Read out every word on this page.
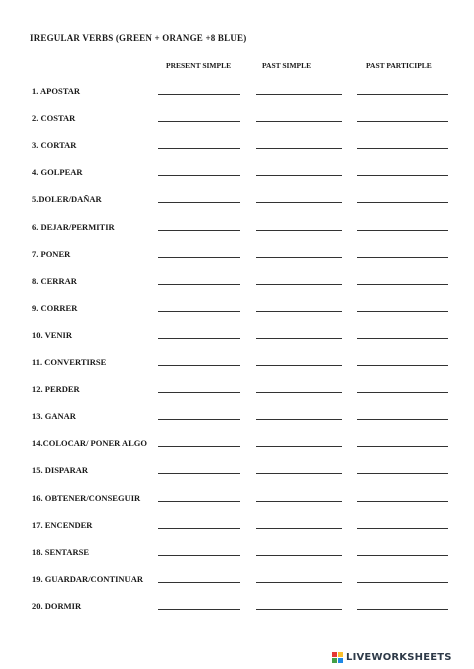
IREGULAR VERBS (GREEN + ORANGE +8 BLUE)
PRESENT SIMPLE	PAST SIMPLE	PAST PARTICIPLE
1. APOSTAR
2. COSTAR
3. CORTAR
4. GOLPEAR
5.DOLER/DAÑAR
6. DEJAR/PERMITIR
7. PONER
8. CERRAR
9. CORRER
10. VENIR
11. CONVERTIRSE
12. PERDER
13. GANAR
14.COLOCAR/ PONER ALGO
15. DISPARAR
16. OBTENER/CONSEGUIR
17. ENCENDER
18. SENTARSE
19. GUARDAR/CONTINUAR
20. DORMIR
LIVEWORKSHEETS
